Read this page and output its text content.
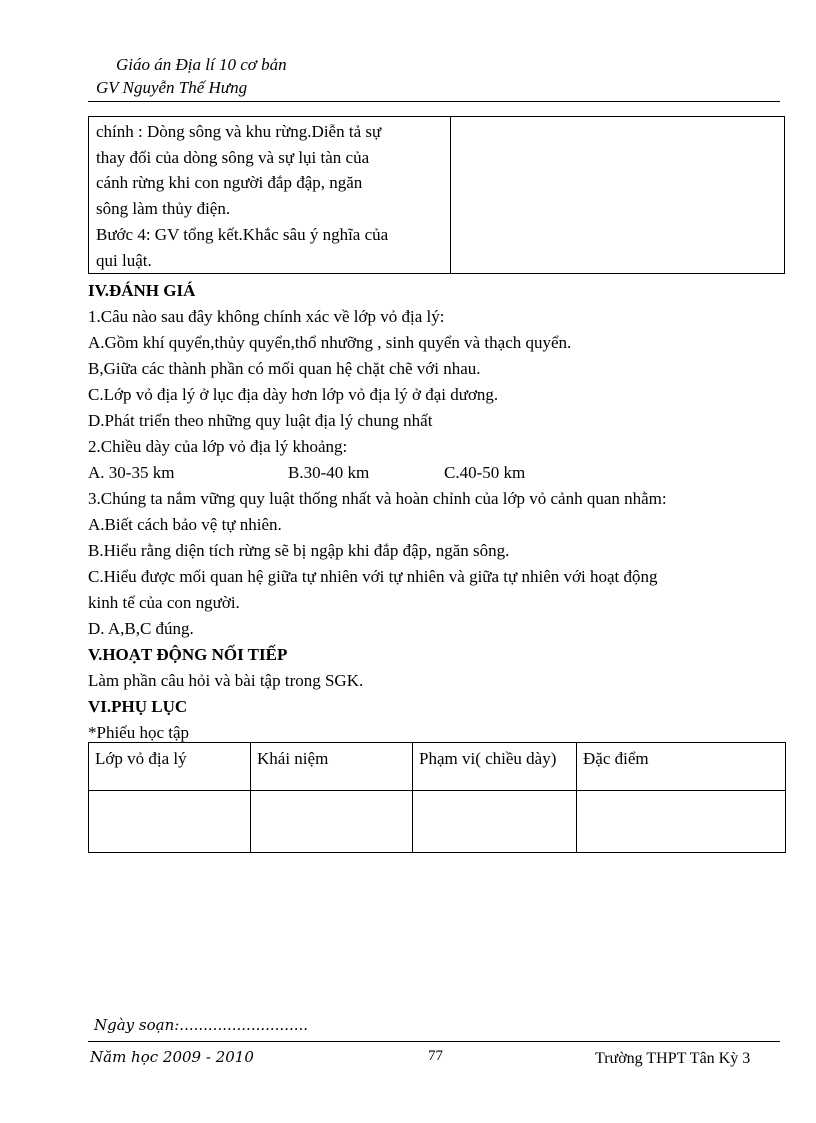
Giáo án Địa lí 10 cơ bản
GV Nguyễn Thế Hưng
chính : Dòng sông và khu rừng.Diễn tả sự
thay đổi của dòng sông và sự lụi tàn của
cánh rừng khi con người đắp đập, ngăn
sông làm thủy điện.
Bước 4: GV tổng kết.Khắc sâu ý nghĩa của
qui luật.

IV.ĐÁNH GIÁ
1.Câu nào sau đây không chính xác về lớp vỏ địa lý:
A.Gồm khí quyển,thủy quyển,thổ nhưỡng , sinh quyển và thạch quyển.
B,Giữa các thành phần có mối quan hệ chặt chẽ với nhau.
C.Lớp vỏ địa lý ở lục địa dày hơn lớp vỏ địa lý ở đại dương.
D.Phát triển theo những quy luật địa lý chung nhất
2.Chiều dày của lớp vỏ địa lý khoảng:
A. 30-35 km	B.30-40 km	C.40-50 km
3.Chúng ta nắm vững quy luật thống nhất và hoàn chỉnh của lớp vỏ cảnh quan nhằm:
A.Biết cách bảo vệ tự nhiên.
B.Hiểu rằng diện tích rừng sẽ bị ngập khi đắp đập, ngăn sông.
C.Hiểu được mối quan hệ giữa tự nhiên với tự nhiên và giữa tự nhiên với hoạt động
kinh tế của con người.
D. A,B,C đúng.
V.HOẠT ĐỘNG NỐI TIẾP
Làm phần câu hỏi và bài tập trong SGK.
VI.PHỤ LỤC
*Phiếu học tập
Lớp vỏ địa lý	Khái niệm	Phạm vi( chiều dày)	Đặc điểm

Ngày soạn:...........................
Năm học 2009 - 2010	77	Trường THPT Tân Kỳ 3
